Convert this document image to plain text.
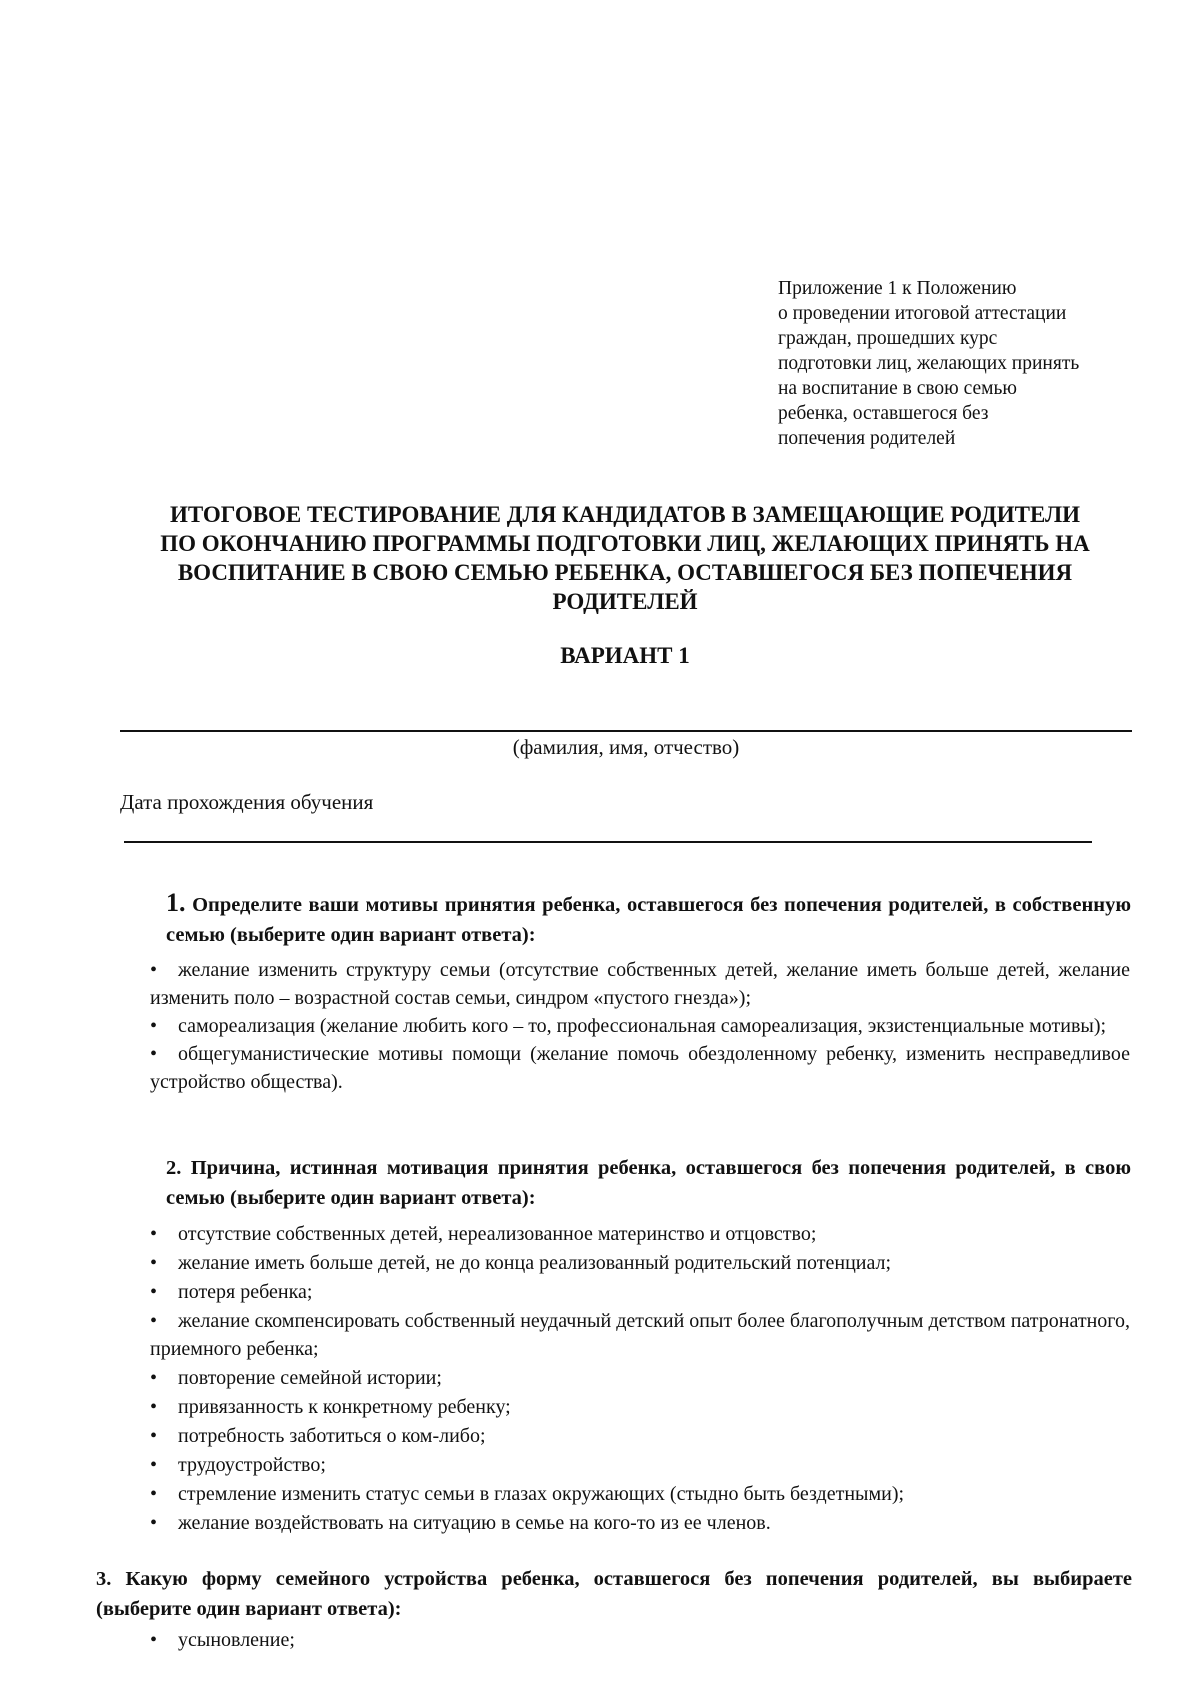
Приложение 1 к Положению
о проведении итоговой аттестации
граждан, прошедших курс
подготовки лиц, желающих принять
на воспитание в свою семью
ребенка, оставшегося без
попечения родителей
ИТОГОВОЕ ТЕСТИРОВАНИЕ ДЛЯ КАНДИДАТОВ В ЗАМЕЩАЮЩИЕ РОДИТЕЛИ
ПО ОКОНЧАНИЮ ПРОГРАММЫ ПОДГОТОВКИ ЛИЦ, ЖЕЛАЮЩИХ ПРИНЯТЬ НА
ВОСПИТАНИЕ В СВОЮ СЕМЬЮ РЕБЕНКА, ОСТАВШЕГОСЯ БЕЗ ПОПЕЧЕНИЯ
РОДИТЕЛЕЙ
ВАРИАНТ 1
(фамилия, имя, отчество)
Дата прохождения обучения
1. Определите ваши мотивы принятия ребенка, оставшегося без попечения родителей, в собственную семью (выберите один вариант ответа):
• желание изменить структуру семьи (отсутствие собственных детей, желание иметь больше детей, желание изменить поло – возрастной состав семьи, синдром «пустого гнезда»);
• самореализация (желание любить кого – то, профессиональная самореализация, экзистенциальные мотивы);
• общегуманистические мотивы помощи (желание помочь обездоленному ребенку, изменить несправедливое устройство общества).
2. Причина, истинная мотивация принятия ребенка, оставшегося без попечения родителей, в свою семью (выберите один вариант ответа):
• отсутствие собственных детей, нереализованное материнство и отцовство;
• желание иметь больше детей, не до конца реализованный родительский потенциал;
• потеря ребенка;
• желание скомпенсировать собственный неудачный детский опыт более благополучным детством патронатного, приемного ребенка;
• повторение семейной истории;
• привязанность к конкретному ребенку;
• потребность заботиться о ком-либо;
• трудоустройство;
• стремление изменить статус семьи в глазах окружающих (стыдно быть бездетными);
• желание воздействовать на ситуацию в семье на кого-то из ее членов.
3. Какую форму семейного устройства ребенка, оставшегося без попечения родителей, вы выбираете (выберите один вариант ответа):
• усыновление;
